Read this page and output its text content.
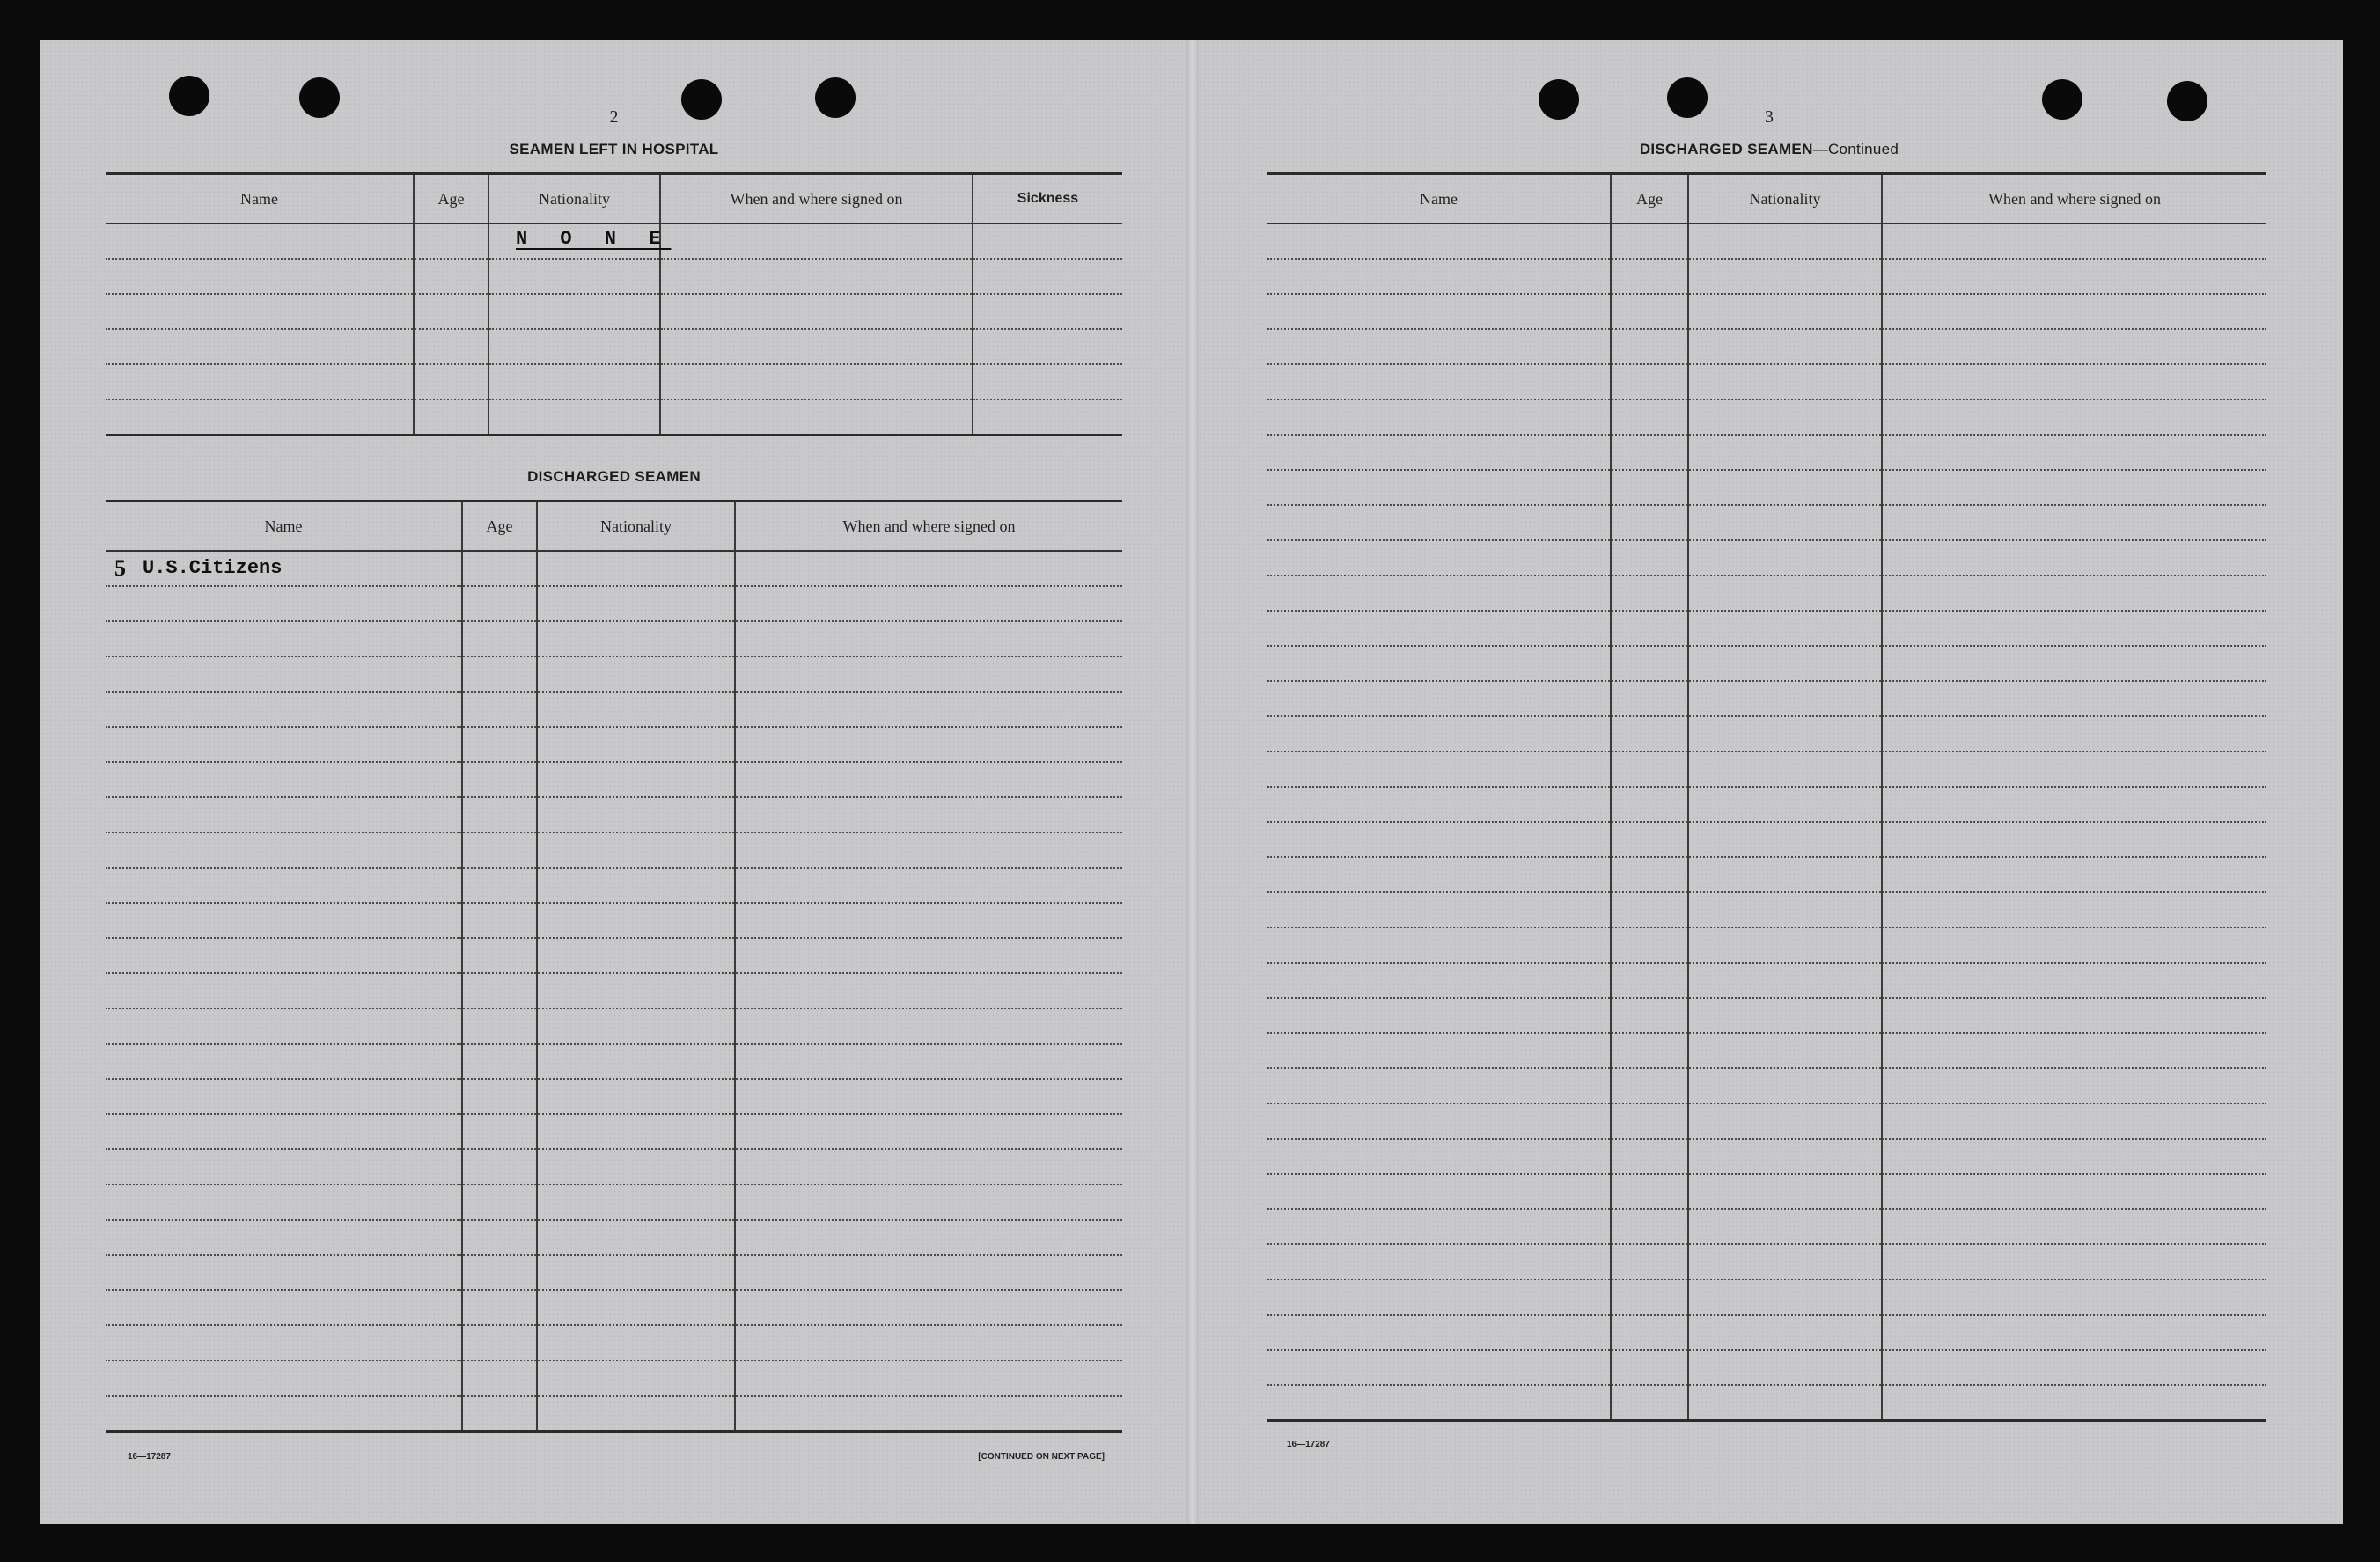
2
SEAMEN LEFT IN HOSPITAL
Name	Age	Nationality	When and where signed on	Sickness

		N O N E		

DISCHARGED SEAMEN
Name	Age	Nationality	When and where signed on

5 U.S.Citizens			

16—17287	[CONTINUED ON NEXT PAGE]
3
DISCHARGED SEAMEN—Continued
Name	Age	Nationality	When and where signed on

16—17287
